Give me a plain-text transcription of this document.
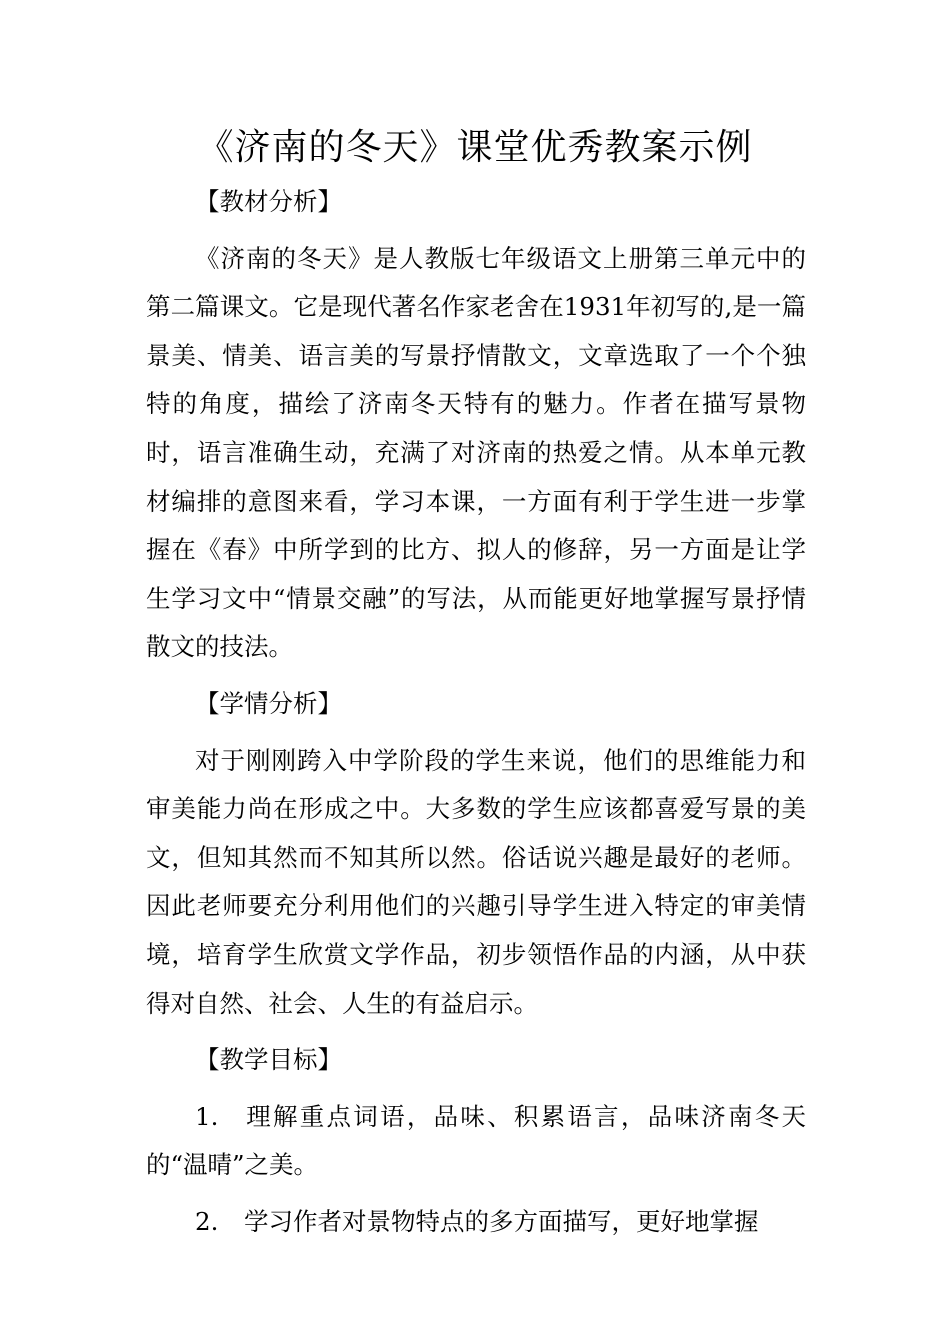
《济南的冬天》课堂优秀教案示例

【教材分析】

《济南的冬天》是人教版七年级语文上册第三单元中的第二篇课文。它是现代著名作家老舍在1931年初写的,是一篇景美、情美、语言美的写景抒情散文，文章选取了一个个独特的角度，描绘了济南冬天特有的魅力。作者在描写景物时，语言准确生动，充满了对济南的热爱之情。从本单元教材编排的意图来看，学习本课，一方面有利于学生进一步掌握在《春》中所学到的比方、拟人的修辞，另一方面是让学生学习文中“情景交融”的写法，从而能更好地掌握写景抒情散文的技法。

【学情分析】

对于刚刚跨入中学阶段的学生来说，他们的思维能力和审美能力尚在形成之中。大多数的学生应该都喜爱写景的美文，但知其然而不知其所以然。俗话说兴趣是最好的老师。因此老师要充分利用他们的兴趣引导学生进入特定的审美情境，培育学生欣赏文学作品，初步领悟作品的内涵，从中获得对自然、社会、人生的有益启示。

【教学目标】

1. 理解重点词语，品味、积累语言，品味济南冬天的“温晴”之美。

2. 学习作者对景物特点的多方面描写，更好地掌握
